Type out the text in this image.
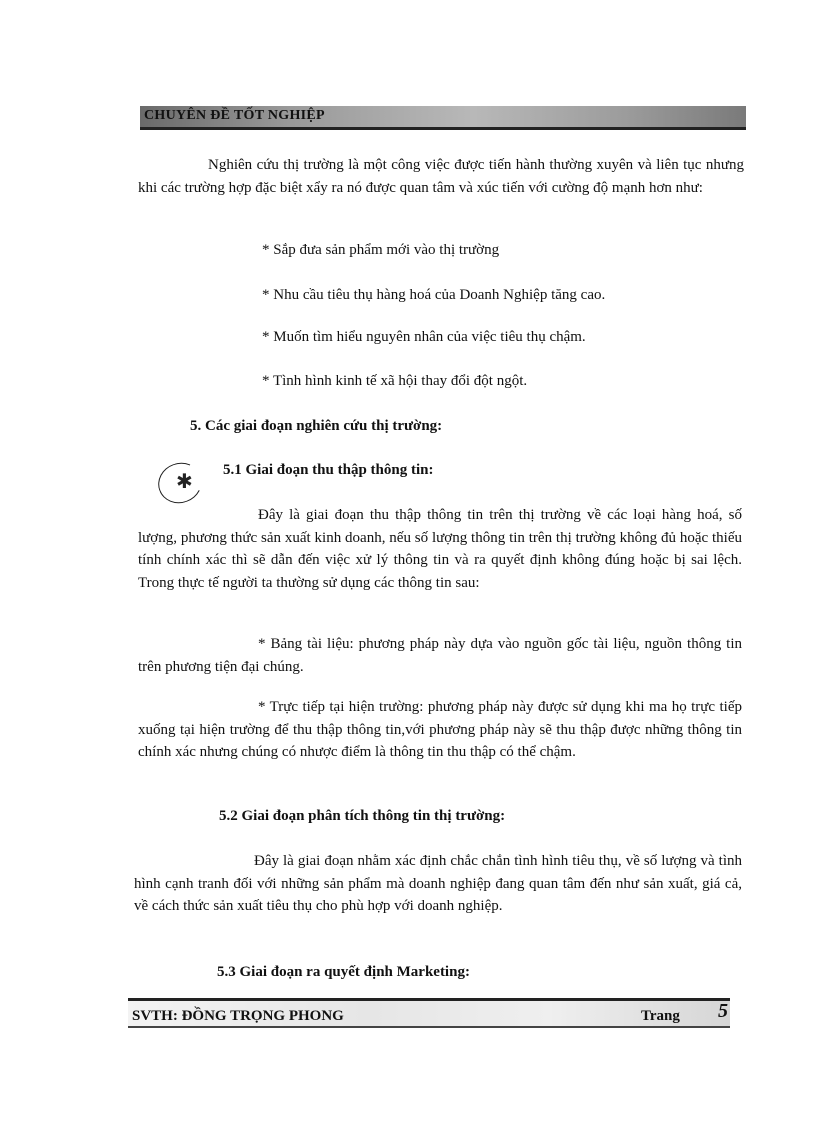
CHUYÊN ĐỀ TỐT NGHIỆP

Nghiên cứu thị trường là một công việc được tiến hành thường xuyên và liên tục nhưng khi các trường hợp đặc biệt xẩy ra nó được quan tâm và xúc tiến với cường độ mạnh hơn như:

* Sắp đưa sản phẩm mới vào thị trường

* Nhu cầu tiêu thụ hàng hoá của Doanh Nghiệp tăng cao.

* Muốn tìm hiểu nguyên nhân của việc tiêu thụ chậm.

* Tình hình kinh tế xã hội thay đổi đột ngột.

5. Các giai đoạn nghiên cứu thị trường:

✱ 5.1 Giai đoạn thu thập thông tin:

Đây là giai đoạn thu thập thông tin trên thị trường về các loại hàng hoá, số lượng, phương thức sản xuất kinh doanh, nếu số lượng thông tin trên thị trường không đủ hoặc thiếu tính chính xác thì sẽ dẫn đến việc xử lý thông tin và ra quyết định không đúng hoặc bị sai lệch. Trong thực tế người ta thường sử dụng các thông tin sau:

* Bảng tài liệu: phương pháp này dựa vào nguồn gốc tài liệu, nguồn thông tin trên phương tiện đại chúng.

* Trực tiếp tại hiện trường: phương pháp này được sử dụng khi ma họ trực tiếp xuống tại hiện trường để thu thập thông tin,với phương pháp này sẽ thu thập được những thông tin chính xác nhưng chúng có nhược điểm là thông tin thu thập có thể chậm.

5.2 Giai đoạn phân tích thông tin thị trường:

Đây là giai đoạn nhằm xác định chắc chắn tình hình tiêu thụ, về số lượng và tình hình cạnh tranh đối với những sản phẩm mà doanh nghiệp đang quan tâm đến như sản xuất, giá cả, về cách thức sản xuất tiêu thụ cho phù hợp với doanh nghiệp.

5.3 Giai đoạn ra quyết định Marketing:

SVTH: ĐỒNG TRỌNG PHONG	Trang 5
